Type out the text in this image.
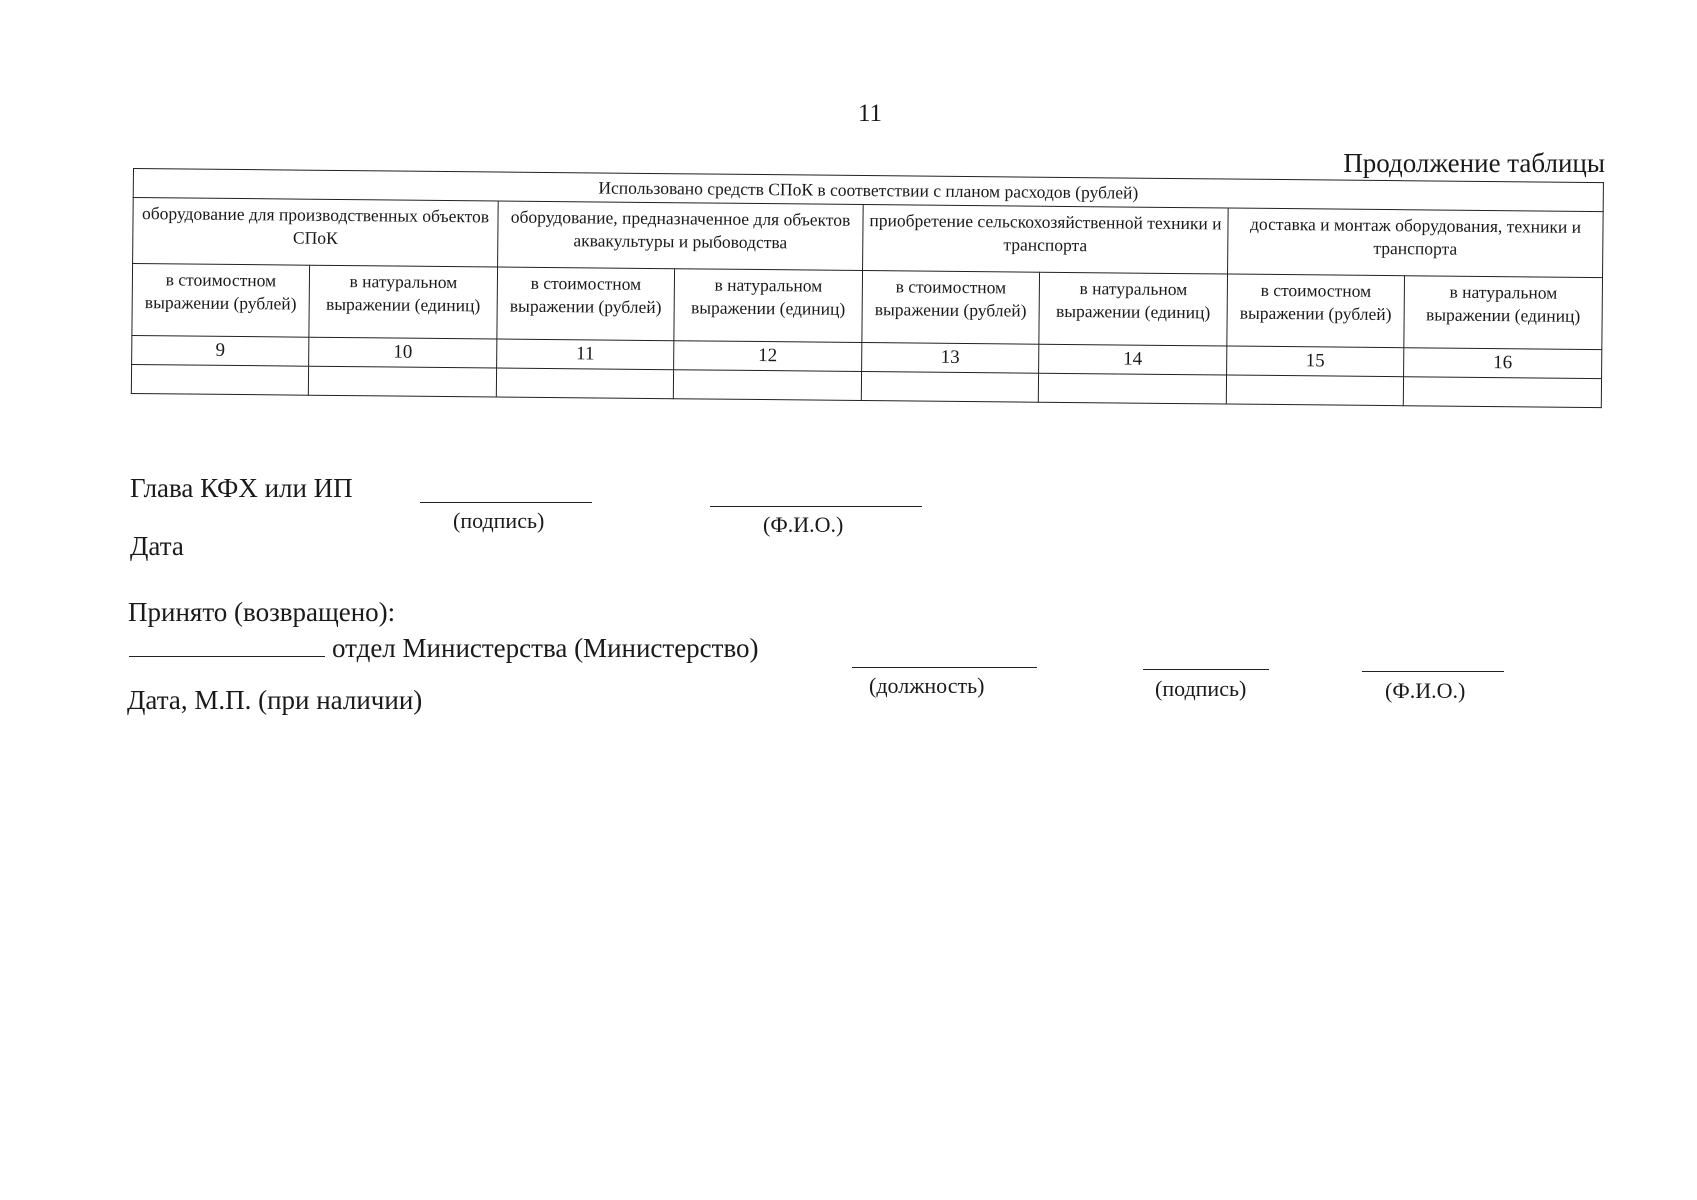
11
Продолжение таблицы
Использовано средств СПоК в соответствии с планом расходов (рублей)							
оборудование для производственных объектов СПоК		оборудование, предназначенное для объектов аквакультуры и рыбоводства		приобретение сельскохозяйственной техники и транспорта		доставка и монтаж оборудования, техники и транспорта	
в стоимостном выражении (рублей)	в натуральном выражении (единиц)	в стоимостном выражении (рублей)	в натуральном выражении (единиц)	в стоимостном выражении (рублей)	в натуральном выражении (единиц)	в стоимостном выражении (рублей)	в натуральном выражении (единиц)
9	10	11	12	13	14	15	16

Глава КФХ или ИП
(подпись)	(Ф.И.О.)
Дата
Принято (возвращено):
отдел Министерства (Министерство)
Дата, М.П. (при наличии)	(должность)	(подпись)	(Ф.И.О.)
